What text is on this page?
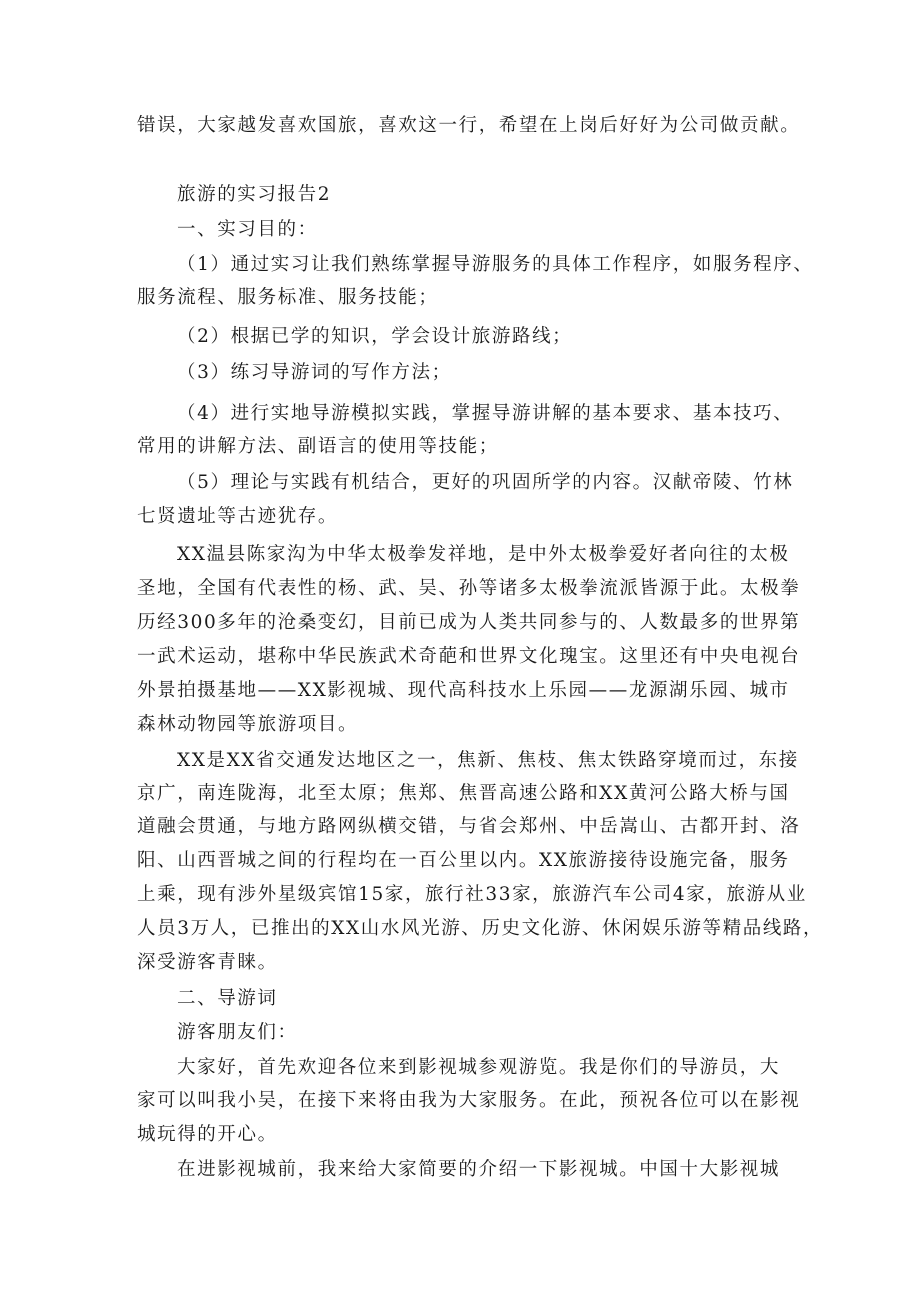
错误，大家越发喜欢国旅，喜欢这一行，希望在上岗后好好为公司做贡献。
旅游的实习报告2
一、实习目的：
（1）通过实习让我们熟练掌握导游服务的具体工作程序，如服务程序、
服务流程、服务标准、服务技能；
（2）根据已学的知识，学会设计旅游路线；
（3）练习导游词的写作方法；
（4）进行实地导游模拟实践，掌握导游讲解的基本要求、基本技巧、
常用的讲解方法、副语言的使用等技能；
（5）理论与实践有机结合，更好的巩固所学的内容。汉献帝陵、竹林
七贤遗址等古迹犹存。
XX温县陈家沟为中华太极拳发祥地，是中外太极拳爱好者向往的太极
圣地，全国有代表性的杨、武、吴、孙等诸多太极拳流派皆源于此。太极拳
历经300多年的沧桑变幻，目前已成为人类共同参与的、人数最多的世界第
一武术运动，堪称中华民族武术奇葩和世界文化瑰宝。这里还有中央电视台
外景拍摄基地——XX影视城、现代高科技水上乐园——龙源湖乐园、城市
森林动物园等旅游项目。
XX是XX省交通发达地区之一，焦新、焦枝、焦太铁路穿境而过，东接
京广，南连陇海，北至太原；焦郑、焦晋高速公路和XX黄河公路大桥与国
道融会贯通，与地方路网纵横交错，与省会郑州、中岳嵩山、古都开封、洛
阳、山西晋城之间的行程均在一百公里以内。XX旅游接待设施完备，服务
上乘，现有涉外星级宾馆15家，旅行社33家，旅游汽车公司4家，旅游从业
人员3万人，已推出的XX山水风光游、历史文化游、休闲娱乐游等精品线路，
深受游客青睐。
二、导游词
游客朋友们：
大家好，首先欢迎各位来到影视城参观游览。我是你们的导游员，大
家可以叫我小吴，在接下来将由我为大家服务。在此，预祝各位可以在影视
城玩得的开心。
在进影视城前，我来给大家简要的介绍一下影视城。中国十大影视城
